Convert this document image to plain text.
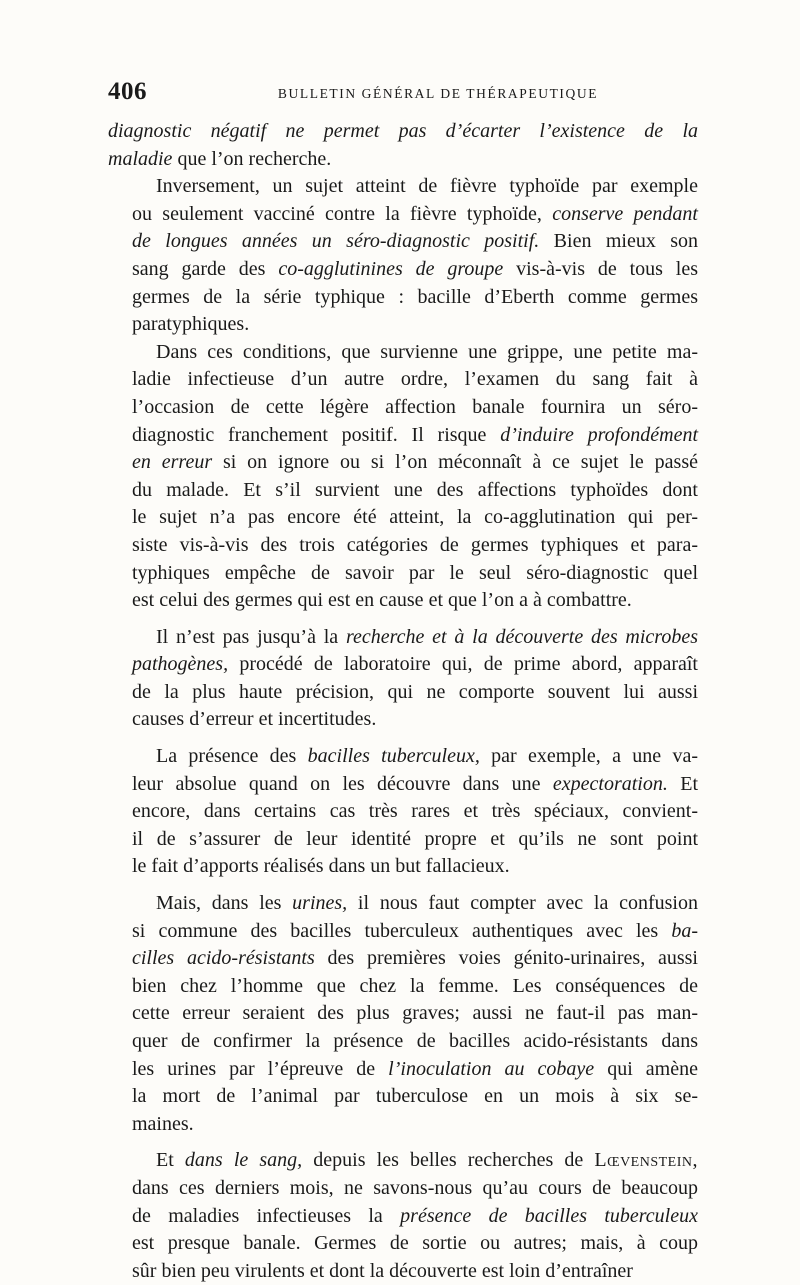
406	BULLETIN GÉNÉRAL DE THÉRAPEUTIQUE

diagnostic négatif ne permet pas d’écarter l’existence de la
maladie que l’on recherche.

Inversement, un sujet atteint de fièvre typhoïde par exemple
ou seulement vacciné contre la fièvre typhoïde, conserve pendant
de longues années un séro-diagnostic positif. Bien mieux son
sang garde des co-agglutinines de groupe vis-à-vis de tous les
germes de la série typhique : bacille d’Eberth comme germes
paratyphiques.

Dans ces conditions, que survienne une grippe, une petite ma-
ladie infectieuse d’un autre ordre, l’examen du sang fait à
l’occasion de cette légère affection banale fournira un séro-
diagnostic franchement positif. Il risque d’induire profondément
en erreur si on ignore ou si l’on méconnaît à ce sujet le passé
du malade. Et s’il survient une des affections typhoïdes dont
le sujet n’a pas encore été atteint, la co-agglutination qui per-
siste vis-à-vis des trois catégories de germes typhiques et para-
typhiques empêche de savoir par le seul séro-diagnostic quel
est celui des germes qui est en cause et que l’on a à combattre.

Il n’est pas jusqu’à la recherche et à la découverte des microbes
pathogènes, procédé de laboratoire qui, de prime abord, apparaît
de la plus haute précision, qui ne comporte souvent lui aussi
causes d’erreur et incertitudes.

La présence des bacilles tuberculeux, par exemple, a une va-
leur absolue quand on les découvre dans une expectoration. Et
encore, dans certains cas très rares et très spéciaux, convient-
il de s’assurer de leur identité propre et qu’ils ne sont point
le fait d’apports réalisés dans un but fallacieux.

Mais, dans les urines, il nous faut compter avec la confusion
si commune des bacilles tuberculeux authentiques avec les ba-
cilles acido-résistants des premières voies génito-urinaires, aussi
bien chez l’homme que chez la femme. Les conséquences de
cette erreur seraient des plus graves; aussi ne faut-il pas man-
quer de confirmer la présence de bacilles acido-résistants dans
les urines par l’épreuve de l’inoculation au cobaye qui amène
la mort de l’animal par tuberculose en un mois à six se-
maines.

Et dans le sang, depuis les belles recherches de Lœvenstein,
dans ces derniers mois, ne savons-nous qu’au cours de beaucoup
de maladies infectieuses la présence de bacilles tuberculeux
est presque banale. Germes de sortie ou autres; mais, à coup
sûr bien peu virulents et dont la découverte est loin d’entraîner
